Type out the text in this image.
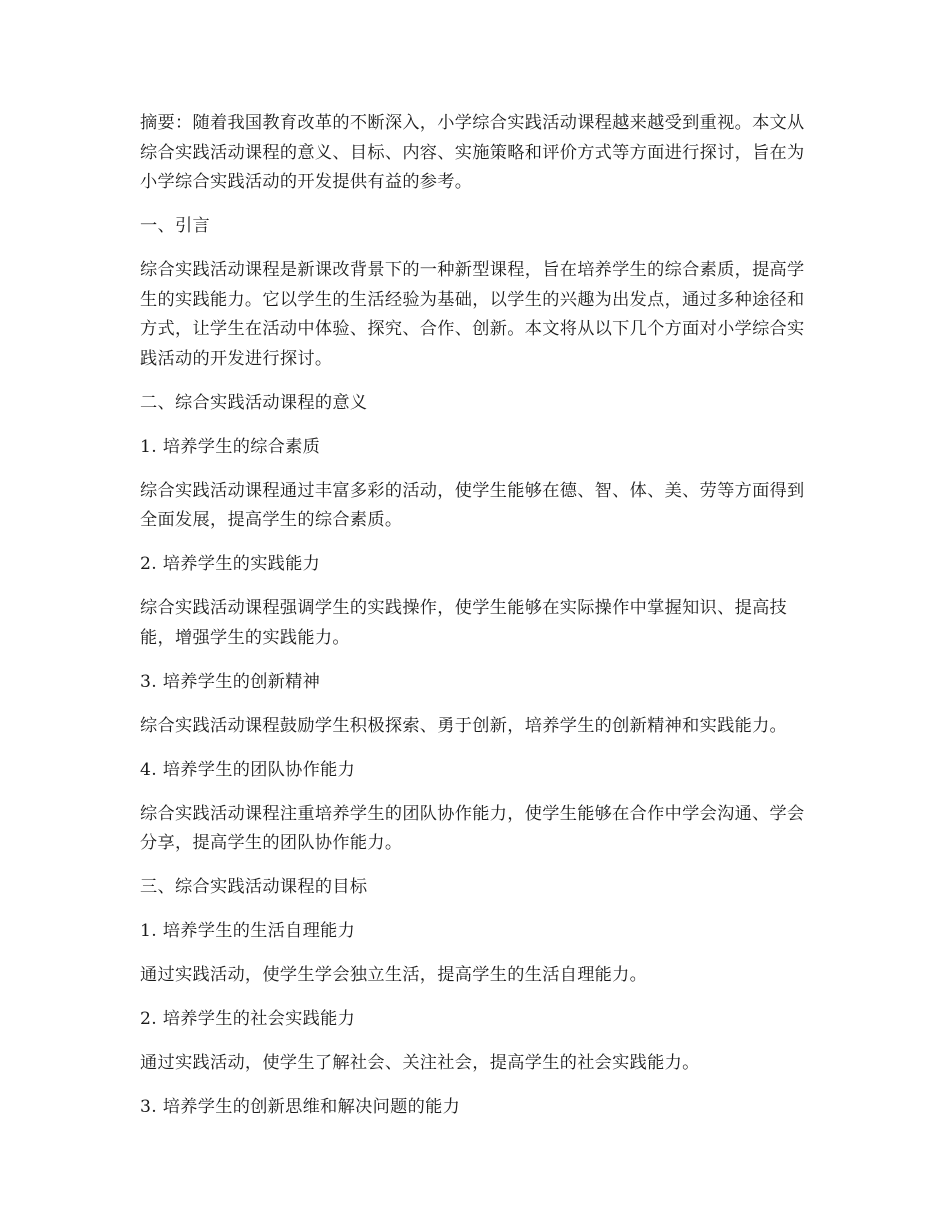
摘要：随着我国教育改革的不断深入，小学综合实践活动课程越来越受到重视。本文从综合实践活动课程的意义、目标、内容、实施策略和评价方式等方面进行探讨，旨在为小学综合实践活动的开发提供有益的参考。

一、引言

综合实践活动课程是新课改背景下的一种新型课程，旨在培养学生的综合素质，提高学生的实践能力。它以学生的生活经验为基础，以学生的兴趣为出发点，通过多种途径和方式，让学生在活动中体验、探究、合作、创新。本文将从以下几个方面对小学综合实践活动的开发进行探讨。

二、综合实践活动课程的意义

1. 培养学生的综合素质

综合实践活动课程通过丰富多彩的活动，使学生能够在德、智、体、美、劳等方面得到全面发展，提高学生的综合素质。

2. 培养学生的实践能力

综合实践活动课程强调学生的实践操作，使学生能够在实际操作中掌握知识、提高技能，增强学生的实践能力。

3. 培养学生的创新精神

综合实践活动课程鼓励学生积极探索、勇于创新，培养学生的创新精神和实践能力。

4. 培养学生的团队协作能力

综合实践活动课程注重培养学生的团队协作能力，使学生能够在合作中学会沟通、学会分享，提高学生的团队协作能力。

三、综合实践活动课程的目标

1. 培养学生的生活自理能力

通过实践活动，使学生学会独立生活，提高学生的生活自理能力。

2. 培养学生的社会实践能力

通过实践活动，使学生了解社会、关注社会，提高学生的社会实践能力。

3. 培养学生的创新思维和解决问题的能力
